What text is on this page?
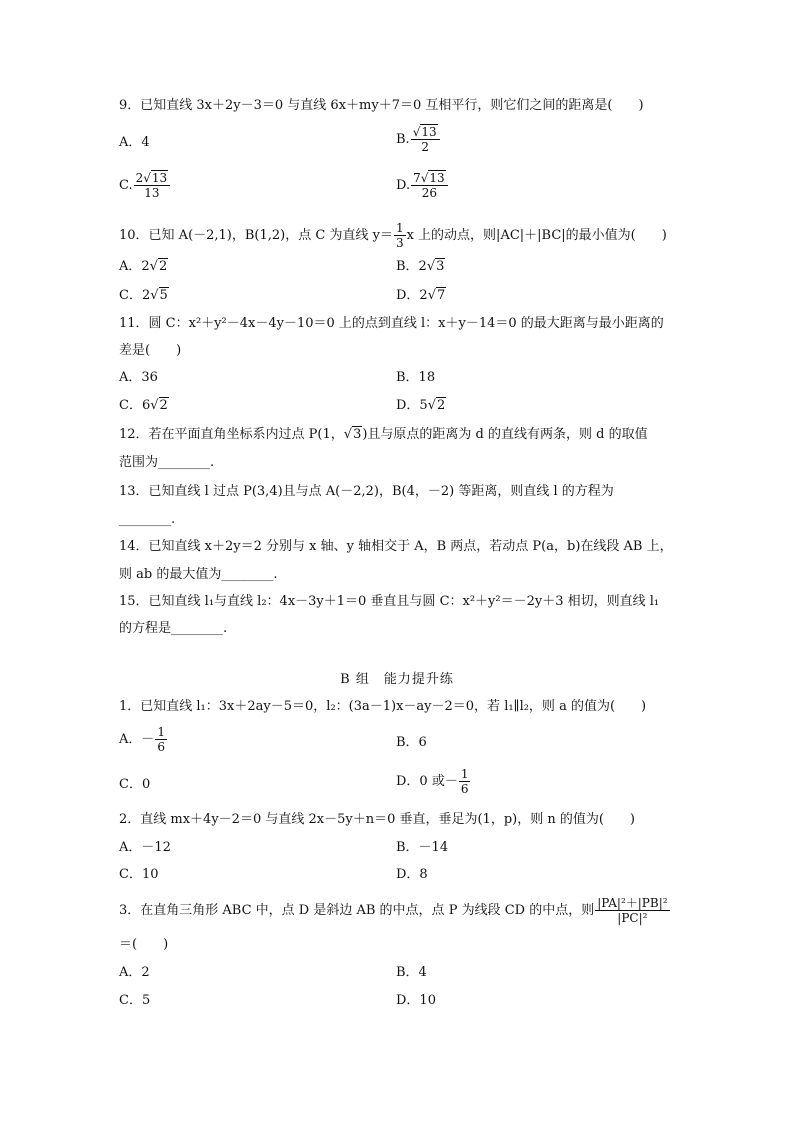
9．已知直线 3x＋2y－3＝0 与直线 6x＋my＋7＝0 互相平行，则它们之间的距离是(　　)
A．4	B. $\frac{√13}{2}$
C. $\frac{2√13}{13}$	D. $\frac{7√13}{26}$
10．已知 A(－2,1)，B(1,2)，点 C 为直线 $y= \frac{1}{3}$ x 上的动点，则|AC|＋|BC|的最小值为(　　)
A．2√2	B．2√3
C．2√5	D．2√7
11．圆 C：x²＋y²－4x－4y－10＝0 上的点到直线 l：x＋y－14＝0 的最大距离与最小距离的
差是(　　)
A．36	B．18
C．6√2	D．5√2
12．若在平面直角坐标系内过点 P(1，√3)且与原点的距离为 d 的直线有两条，则 d 的取值
范围为________.
13．已知直线 l 过点 P(3,4)且与点 A(－2,2)，B(4，－2) 等距离，则直线 l 的方程为
________.
14．已知直线 x＋2y＝2 分别与 x 轴、y 轴相交于 A，B 两点，若动点 P(a，b)在线段 AB 上，
则 ab 的最大值为________.
15．已知直线 l₁与直线 l₂：4x－3y＋1＝0 垂直且与圆 C：x²＋y²＝－2y＋3 相切，则直线 l₁
的方程是________.
B 组　能力提升练
1．已知直线 l₁：3x＋2ay－5＝0，l₂：(3a－1)x－ay－2＝0，若 l₁∥l₂，则 a 的值为(　　)
A．－ $\frac{1}{6}$	B．6
C．0	D．0 或－ $\frac{1}{6}$
2．直线 mx＋4y－2＝0 与直线 2x－5y＋n＝0 垂直，垂足为(1，p)，则 n 的值为(　　)
A．－12	B．－14
C．10	D．8
3．在直角三角形 ABC 中，点 D 是斜边 AB 的中点，点 P 为线段 CD 的中点，则 $\frac{\text{|PA|²＋|PB|²}}{\text{|PC|²}}$
＝(　　)
A．2	B．4
C．5	D．10
